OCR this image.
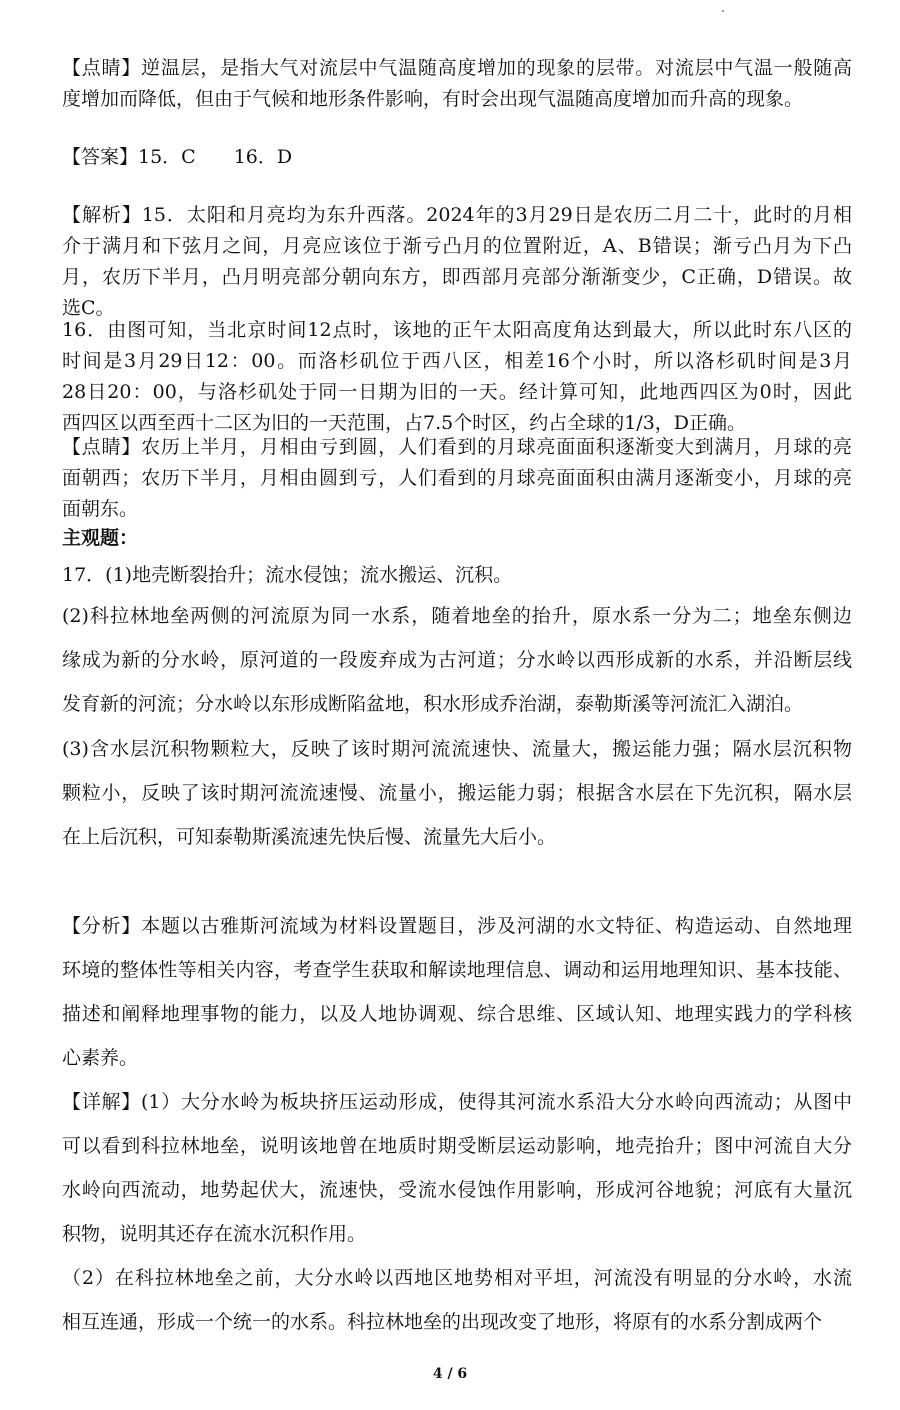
【点睛】逆温层，是指大气对流层中气温随高度增加的现象的层带。对流层中气温一般随高
度增加而降低，但由于气候和地形条件影响，有时会出现气温随高度增加而升高的现象。
【答案】15．C　　16．D
【解析】15．太阳和月亮均为东升西落。2024年的3月29日是农历二月二十，此时的月相
介于满月和下弦月之间，月亮应该位于渐亏凸月的位置附近，A、B错误；渐亏凸月为下凸
月，农历下半月，凸月明亮部分朝向东方，即西部月亮部分渐渐变少，C正确，D错误。故
选C。
16．由图可知，当北京时间12点时，该地的正午太阳高度角达到最大，所以此时东八区的
时间是3月29日12：00。而洛杉矶位于西八区，相差16个小时，所以洛杉矶时间是3月
28日20：00，与洛杉矶处于同一日期为旧的一天。经计算可知，此地西四区为0时，因此
西四区以西至西十二区为旧的一天范围，占7.5个时区，约占全球的1/3，D正确。
【点睛】农历上半月，月相由亏到圆，人们看到的月球亮面面积逐渐变大到满月，月球的亮
面朝西；农历下半月，月相由圆到亏，人们看到的月球亮面面积由满月逐渐变小，月球的亮
面朝东。
主观题：
17．(1)地壳断裂抬升；流水侵蚀；流水搬运、沉积。
(2)科拉林地垒两侧的河流原为同一水系，随着地垒的抬升，原水系一分为二；地垒东侧边
缘成为新的分水岭，原河道的一段废弃成为古河道；分水岭以西形成新的水系，并沿断层线
发育新的河流；分水岭以东形成断陷盆地，积水形成乔治湖，泰勒斯溪等河流汇入湖泊。
(3)含水层沉积物颗粒大，反映了该时期河流流速快、流量大，搬运能力强；隔水层沉积物
颗粒小，反映了该时期河流流速慢、流量小，搬运能力弱；根据含水层在下先沉积，隔水层
在上后沉积，可知泰勒斯溪流速先快后慢、流量先大后小。
【分析】本题以古雅斯河流域为材料设置题目，涉及河湖的水文特征、构造运动、自然地理
环境的整体性等相关内容，考查学生获取和解读地理信息、调动和运用地理知识、基本技能、
描述和阐释地理事物的能力，以及人地协调观、综合思维、区域认知、地理实践力的学科核
心素养。
【详解】(1）大分水岭为板块挤压运动形成，使得其河流水系沿大分水岭向西流动；从图中
可以看到科拉林地垒，说明该地曾在地质时期受断层运动影响，地壳抬升；图中河流自大分
水岭向西流动，地势起伏大，流速快，受流水侵蚀作用影响，形成河谷地貌；河底有大量沉
积物，说明其还存在流水沉积作用。
（2）在科拉林地垒之前，大分水岭以西地区地势相对平坦，河流没有明显的分水岭，水流
相互连通，形成一个统一的水系。科拉林地垒的出现改变了地形，将原有的水系分割成两个
4 / 6
